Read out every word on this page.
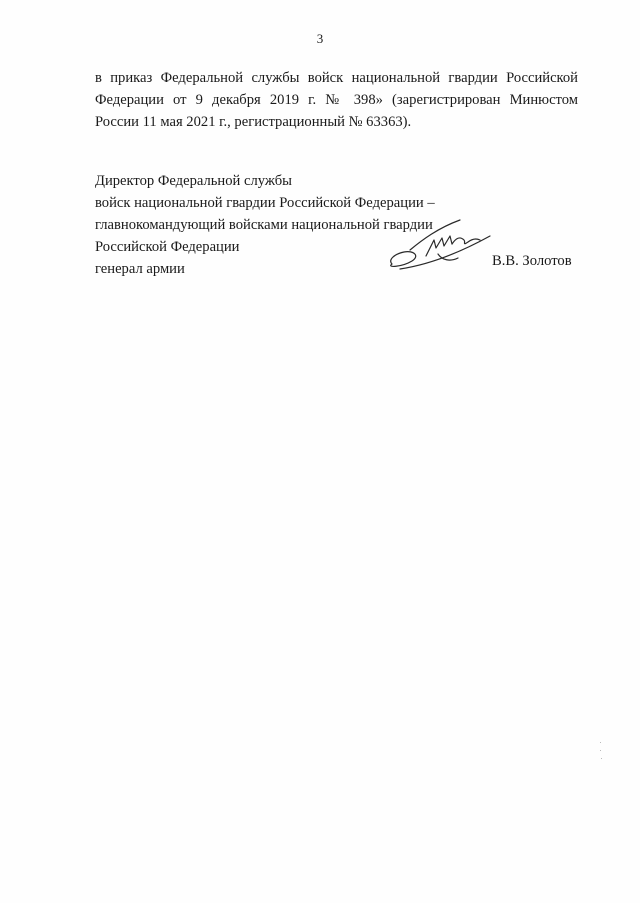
3
в приказ Федеральной службы войск национальной гвардии Российской
Федерации от 9 декабря 2019 г. № 398» (зарегистрирован Минюстом
России 11 мая 2021 г., регистрационный № 63363).
Директор Федеральной службы
войск национальной гвардии Российской Федерации –
главнокомандующий войсками национальной гвардии
Российской Федерации
генерал армии	В.В. Золотов
